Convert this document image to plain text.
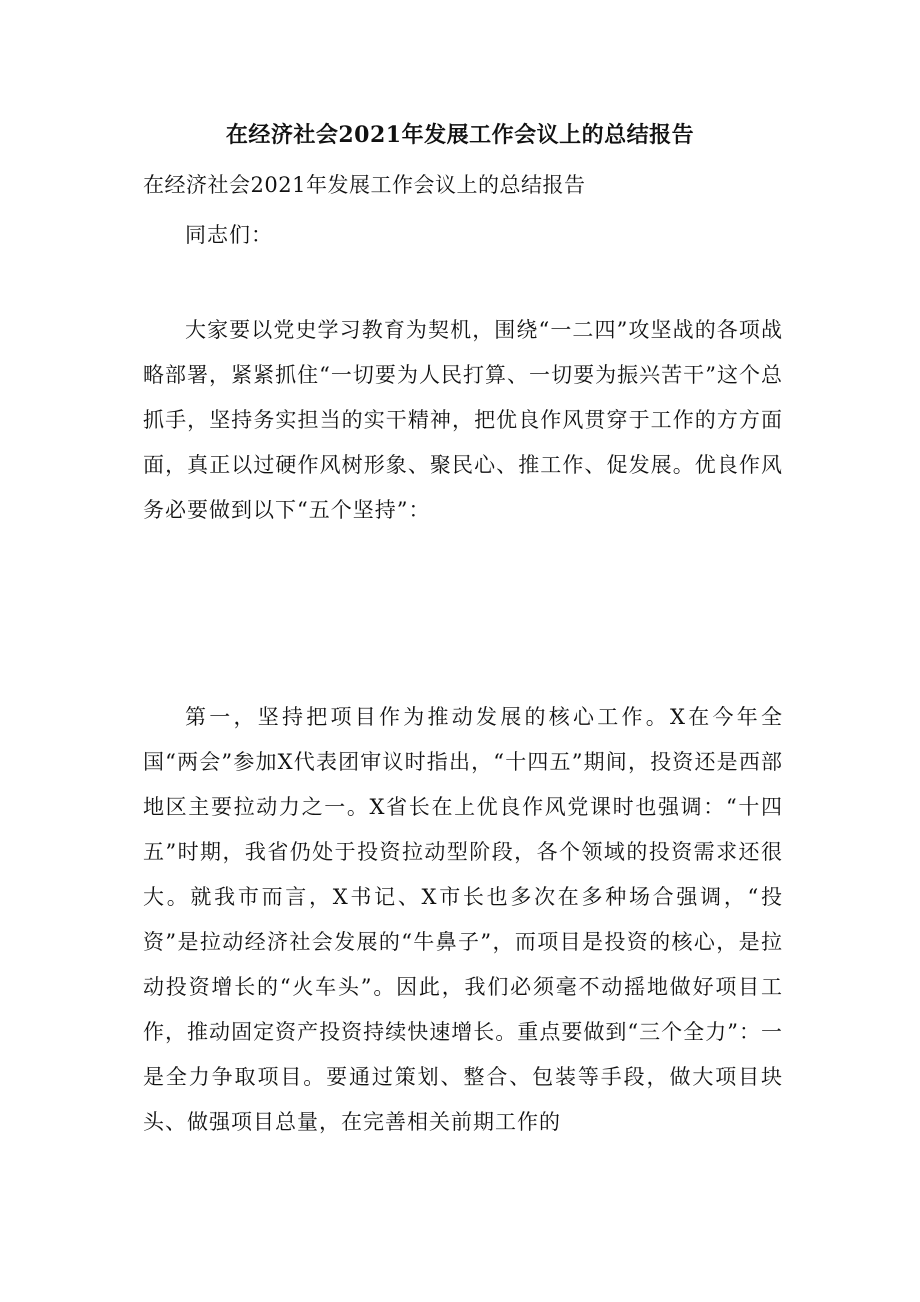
在经济社会2021年发展工作会议上的总结报告
在经济社会2021年发展工作会议上的总结报告
同志们：

大家要以党史学习教育为契机，围绕“一二四”攻坚战的各项战略部署，紧紧抓住“一切要为人民打算、一切要为振兴苦干”这个总抓手，坚持务实担当的实干精神，把优良作风贯穿于工作的方方面面，真正以过硬作风树形象、聚民心、推工作、促发展。优良作风务必要做到以下“五个坚持”：

第一，坚持把项目作为推动发展的核心工作。X在今年全国“两会”参加X代表团审议时指出，“十四五”期间，投资还是西部地区主要拉动力之一。X省长在上优良作风党课时也强调：“十四五”时期，我省仍处于投资拉动型阶段，各个领域的投资需求还很大。就我市而言，X书记、X市长也多次在多种场合强调，“投资”是拉动经济社会发展的“牛鼻子”，而项目是投资的核心，是拉动投资增长的“火车头”。因此，我们必须毫不动摇地做好项目工作，推动固定资产投资持续快速增长。重点要做到“三个全力”：一是全力争取项目。要通过策划、整合、包装等手段，做大项目块头、做强项目总量，在完善相关前期工作的
